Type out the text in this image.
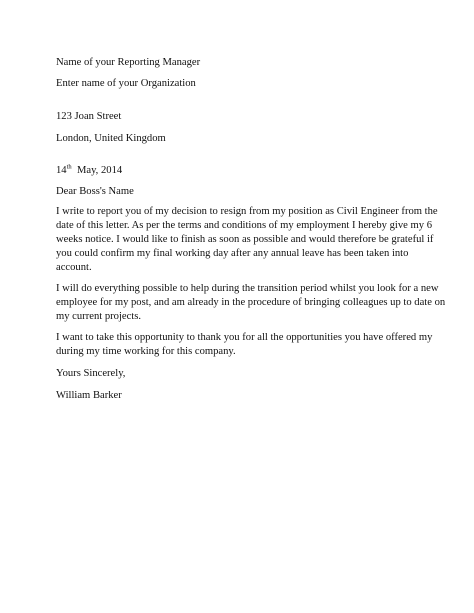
Name of your Reporting Manager

Enter name of your Organization

123 Joan Street

London, United Kingdom

14th May, 2014

Dear Boss's Name

I write to report you of my decision to resign from my position as Civil Engineer from the date of this letter. As per the terms and conditions of my employment I hereby give my 6 weeks notice. I would like to finish as soon as possible and would therefore be grateful if you could confirm my final working day after any annual leave has been taken into account.

I will do everything possible to help during the transition period whilst you look for a new employee for my post, and am already in the procedure of bringing colleagues up to date on my current projects.

I want to take this opportunity to thank you for all the opportunities you have offered my during my time working for this company.

Yours Sincerely,

William Barker
